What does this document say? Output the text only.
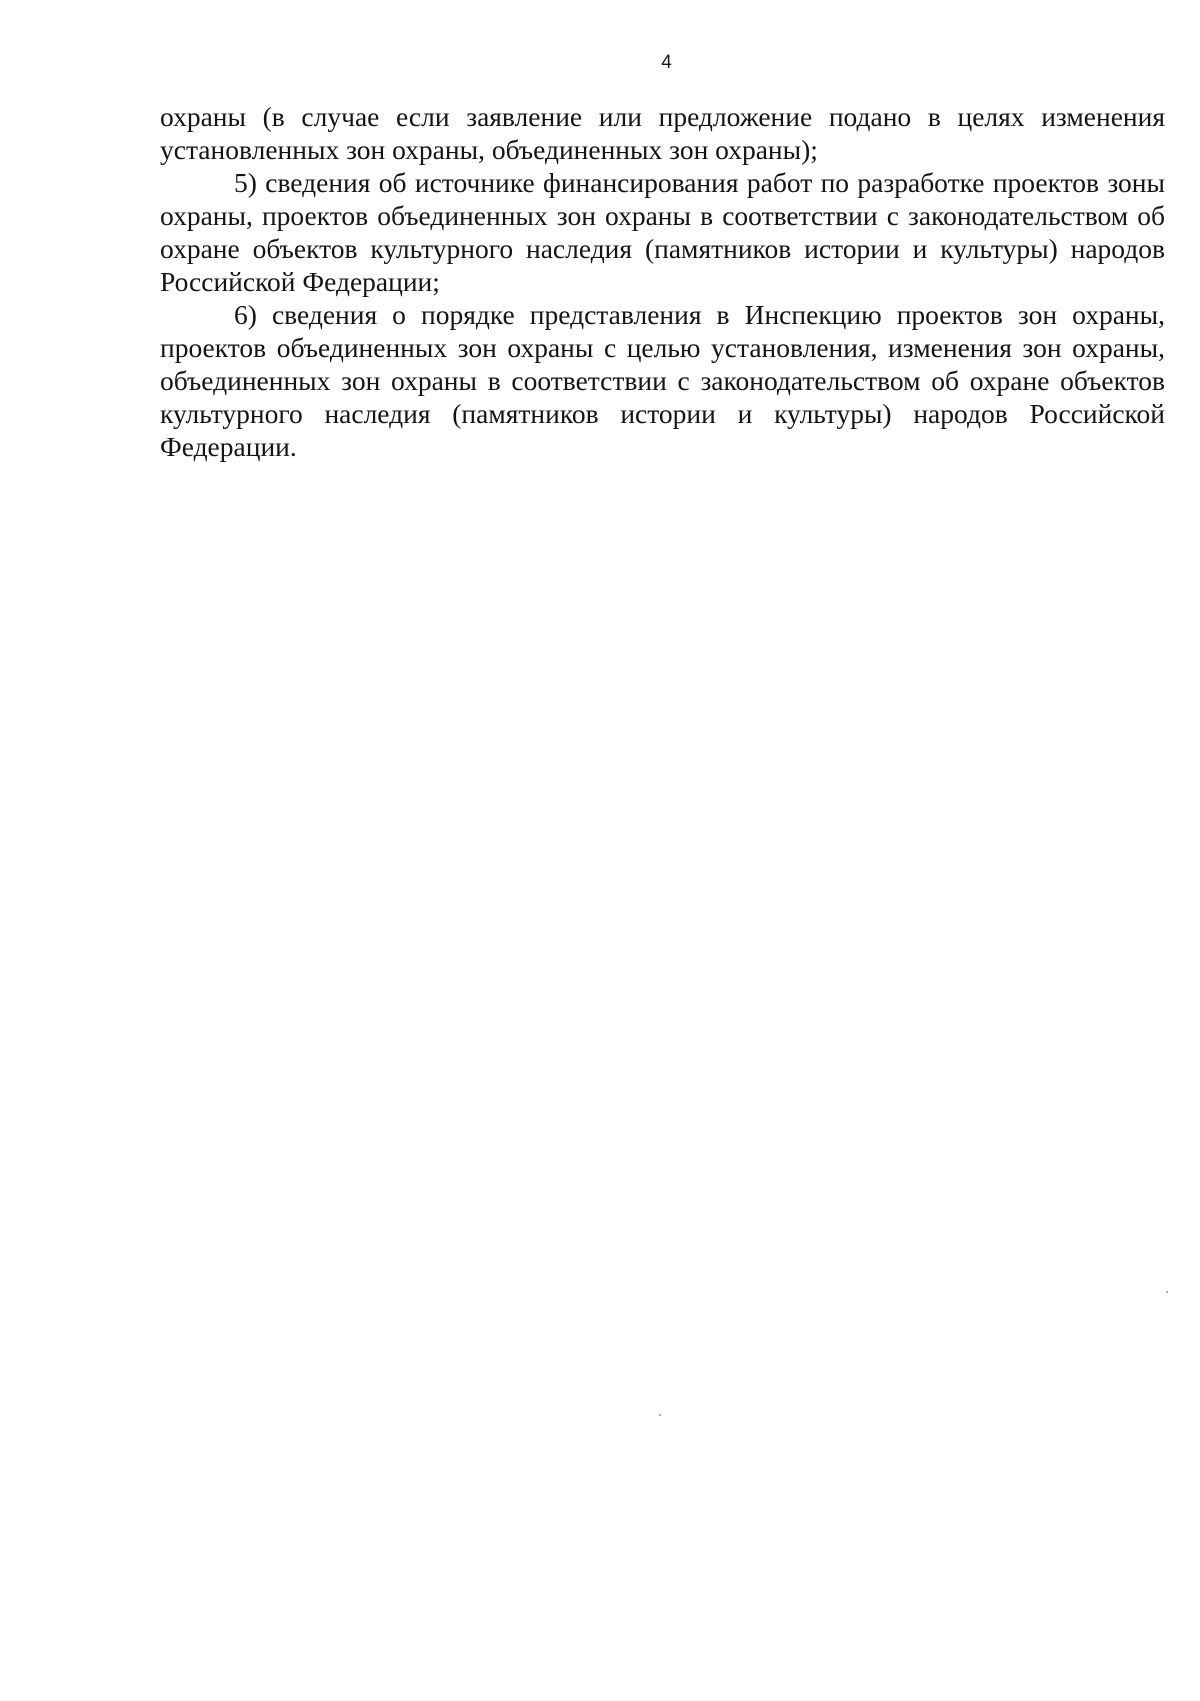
4

охраны (в случае если заявление или предложение подано в целях изменения установленных зон охраны, объединенных зон охраны);

5) сведения об источнике финансирования работ по разработке проектов зоны охраны, проектов объединенных зон охраны в соответствии с законодательством об охране объектов культурного наследия (памятников истории и культуры) народов Российской Федерации;

6) сведения о порядке представления в Инспекцию проектов зон охраны, проектов объединенных зон охраны с целью установления, изменения зон охраны, объединенных зон охраны в соответствии с законодательством об охране объектов культурного наследия (памятников истории и культуры) народов Российской Федерации.
